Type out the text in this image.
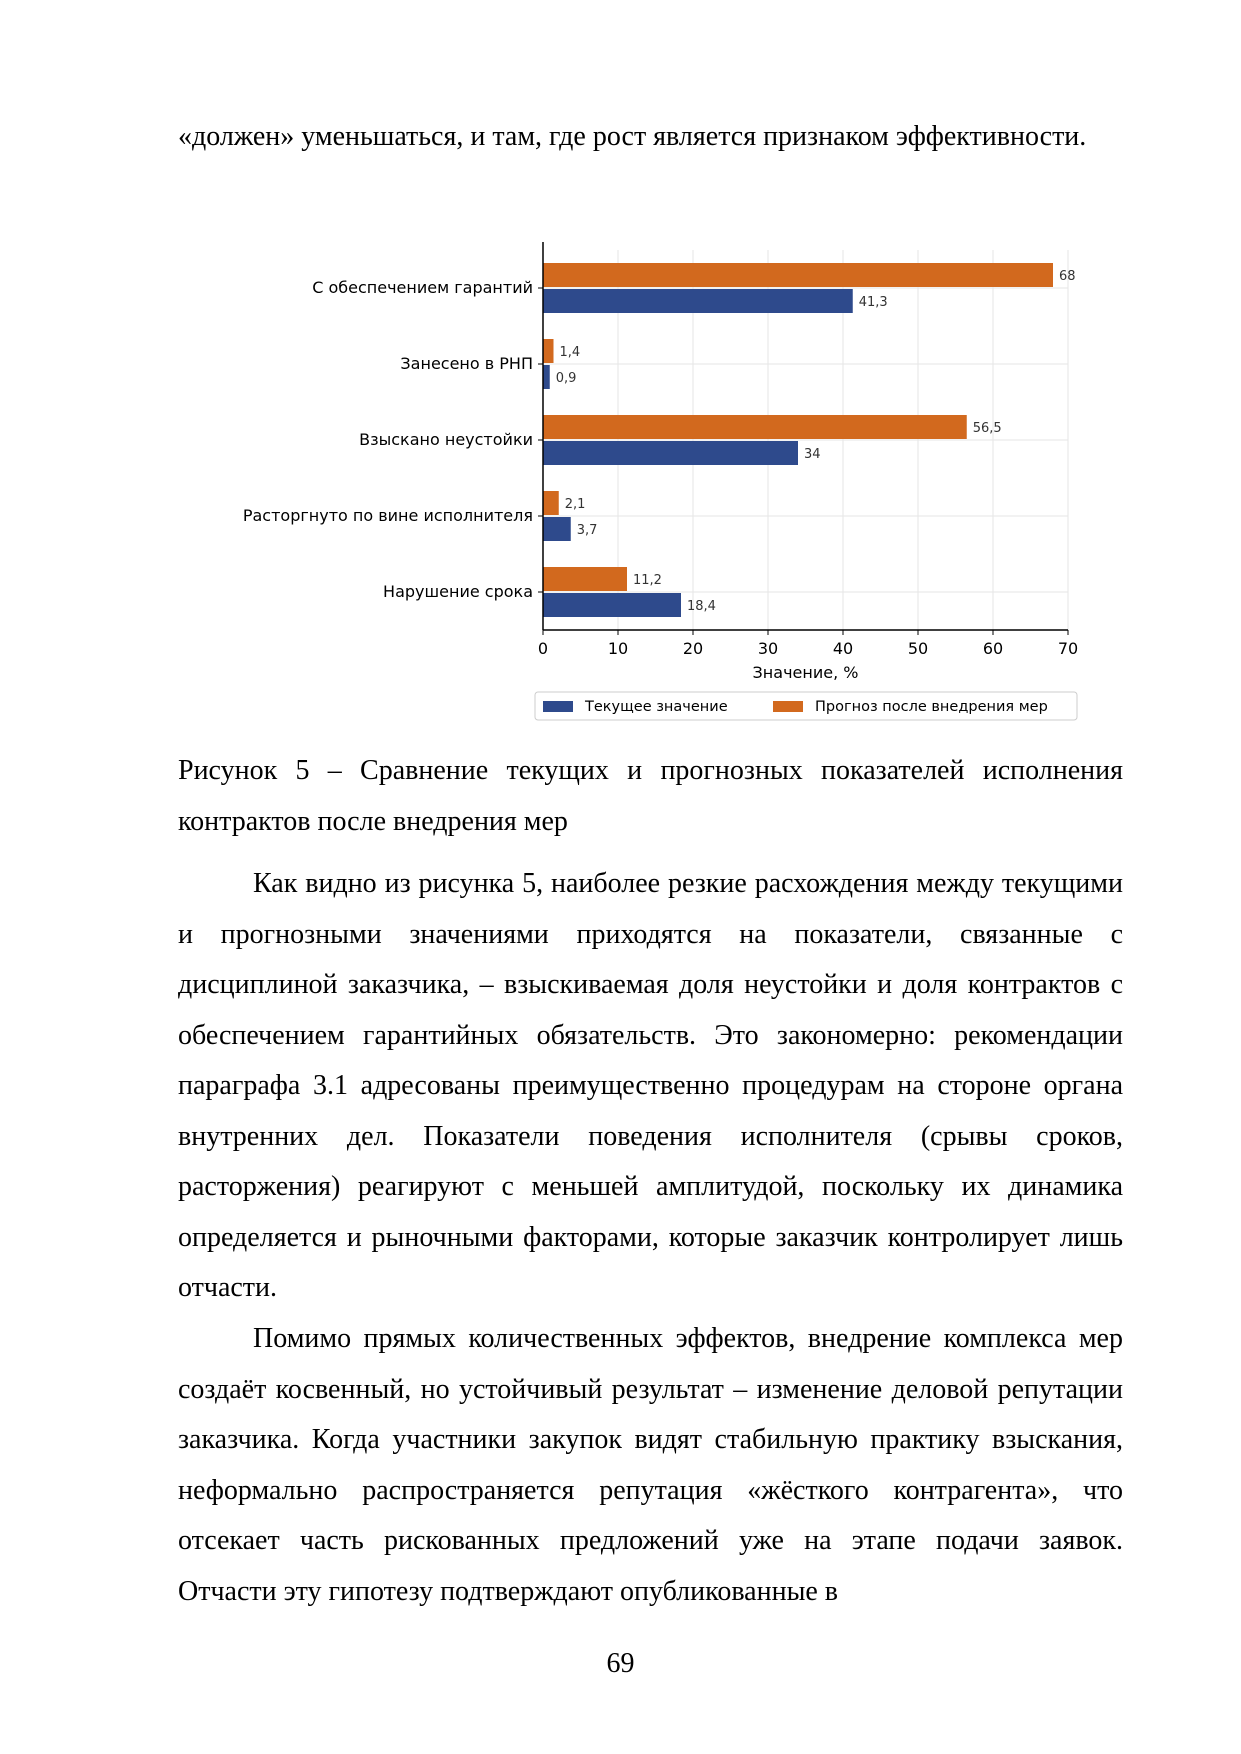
«должен» уменьшаться, и там, где рост является признаком эффективности.

68
41,3
1,4
0,9
56,5
34
2,1
3,7
11,2
18,4
0	10	20	30	40	50	60	70
С обеспечением гарантий
Занесено в РНП
Взыскано неустойки
Расторгнуто по вине исполнителя
Нарушение срока
Значение, %
Текущее значение	Прогноз после внедрения мер

Рисунок 5 – Сравнение текущих и прогнозных показателей исполнения контрактов после внедрения мер

Как видно из рисунка 5, наиболее резкие расхождения между текущими и прогнозными значениями приходятся на показатели, связанные с дисциплиной заказчика, – взыскиваемая доля неустойки и доля контрактов с обеспечением гарантийных обязательств. Это закономерно: рекомендации параграфа 3.1 адресованы преимущественно процедурам на стороне органа внутренних дел. Показатели поведения исполнителя (срывы сроков, расторжения) реагируют с меньшей амплитудой, поскольку их динамика определяется и рыночными факторами, которые заказчик контролирует лишь отчасти.

Помимо прямых количественных эффектов, внедрение комплекса мер создаёт косвенный, но устойчивый результат – изменение деловой репутации заказчика. Когда участники закупок видят стабильную практику взыскания, неформально распространяется репутация «жёсткого контрагента», что отсекает часть рискованных предложений уже на этапе подачи заявок. Отчасти эту гипотезу подтверждают опубликованные в

69
